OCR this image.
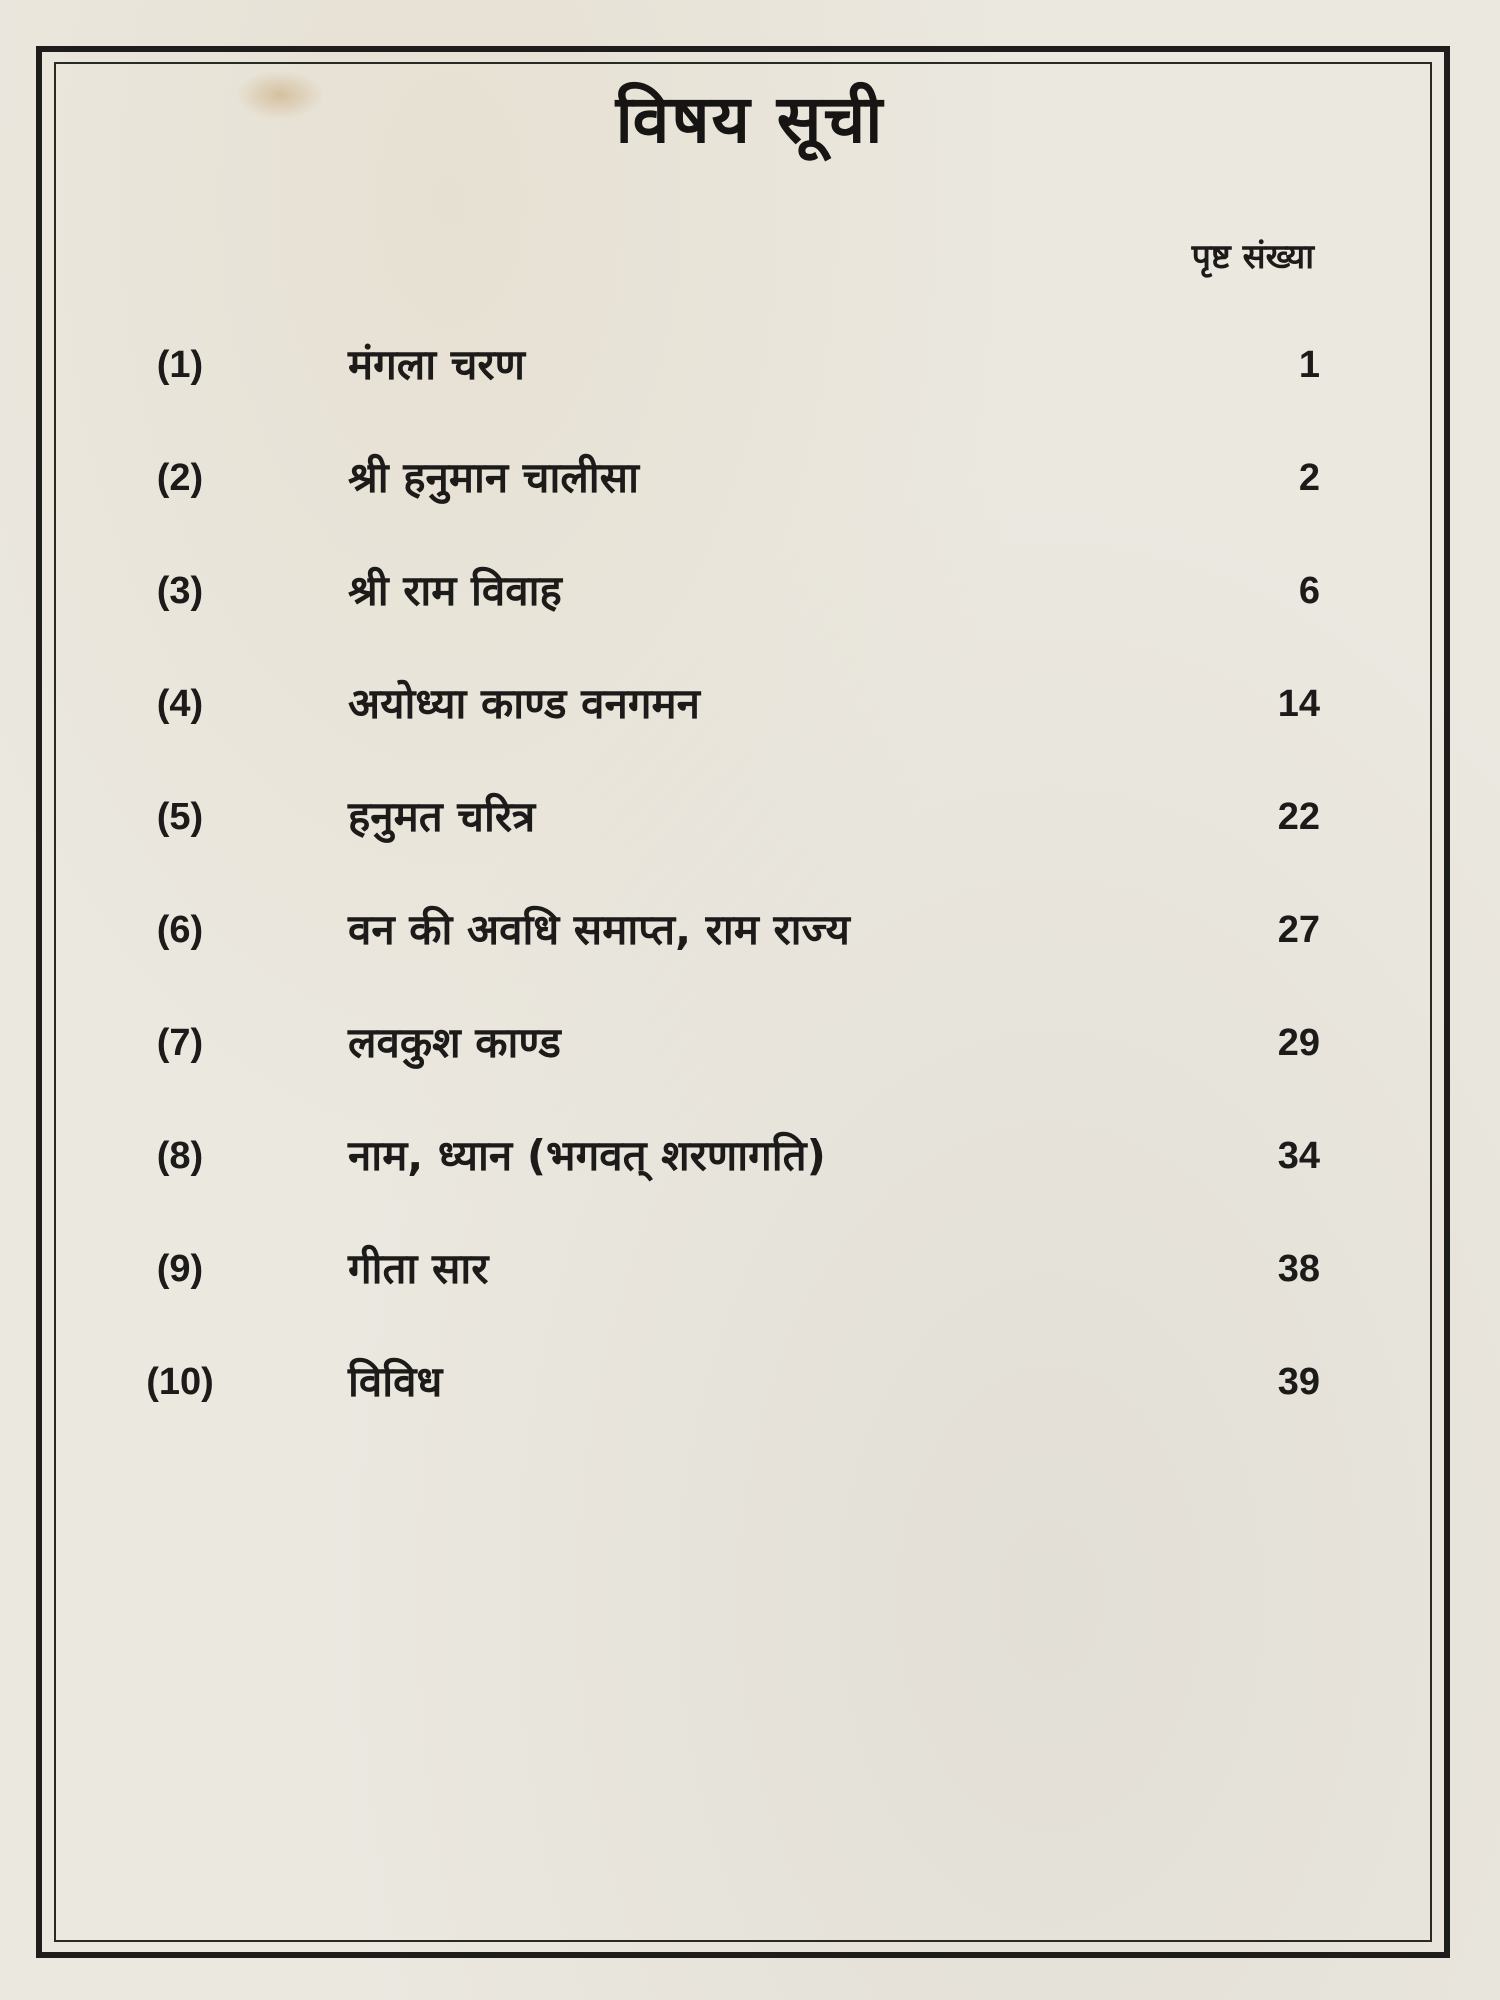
विषय सूची
पृष्ट संख्या
(1)	मंगला चरण	1
(2)	श्री हनुमान चालीसा	2
(3)	श्री राम विवाह	6
(4)	अयोध्या काण्ड वनगमन	14
(5)	हनुमत चरित्र	22
(6)	वन की अवधि समाप्त, राम राज्य	27
(7)	लवकुश काण्ड	29
(8)	नाम, ध्यान (भगवत् शरणागति)	34
(9)	गीता सार	38
(10)	विविध	39
